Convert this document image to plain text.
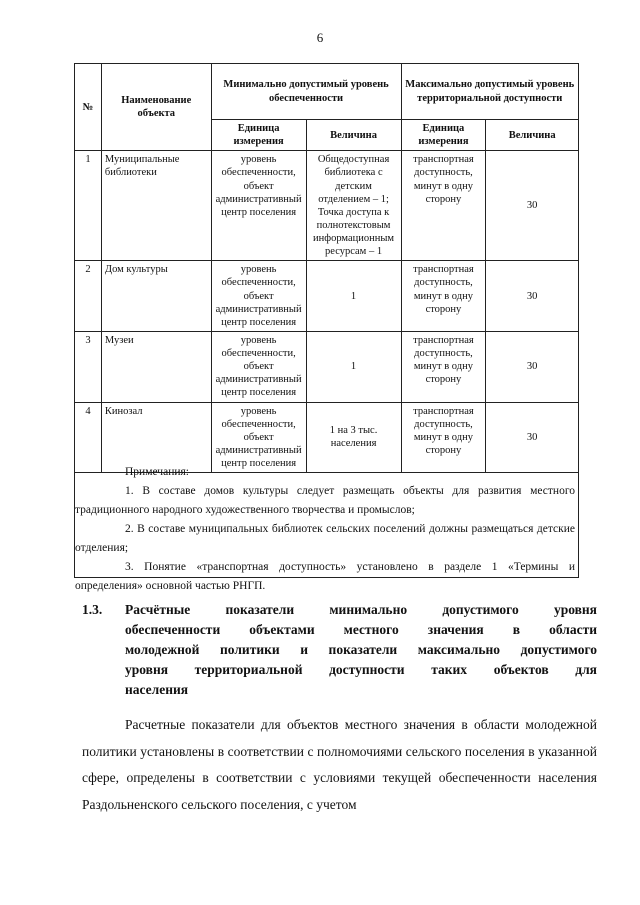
6
№	Наименование объекта	Минимально допустимый уровень обеспеченности		Максимально допустимый уровень территориальной доступности	
		Единица измерения	Величина	Единица измерения	Величина
1	Муниципальные библиотеки	уровень обеспеченности, объект административный центр поселения	Общедоступная библиотека с детским отделением – 1; Точка доступа к полнотекстовым информационным ресурсам – 1	транспортная доступность, минут в одну сторону	30
2	Дом культуры	уровень обеспеченности, объект административный центр поселения	1	транспортная доступность, минут в одну сторону	30
3	Музеи	уровень обеспеченности, объект административный центр поселения	1	транспортная доступность, минут в одну сторону	30
4	Кинозал	уровень обеспеченности, объект административный центр поселения	1 на 3 тыс. населения	транспортная доступность, минут в одну сторону	30

Примечания:

1. В составе домов культуры следует размещать объекты для развития местного традиционного народного художественного творчества и промыслов;

2. В составе муниципальных библиотек сельских поселений должны размещаться детские отделения;

3. Понятие «транспортная доступность» установлено в разделе 1 «Термины и определения» основной частью РНГП.

1.3. Расчётные показатели минимально допустимого уровня
обеспеченности объектами местного значения в области
молодежной политики и показатели максимально допустимого
уровня территориальной доступности таких объектов для
населения

Расчетные показатели для объектов местного значения в области молодежной политики установлены в соответствии с полномочиями сельского поселения в указанной сфере, определены в соответствии с условиями текущей обеспеченности населения Раздольненского сельского поселения, с учетом
